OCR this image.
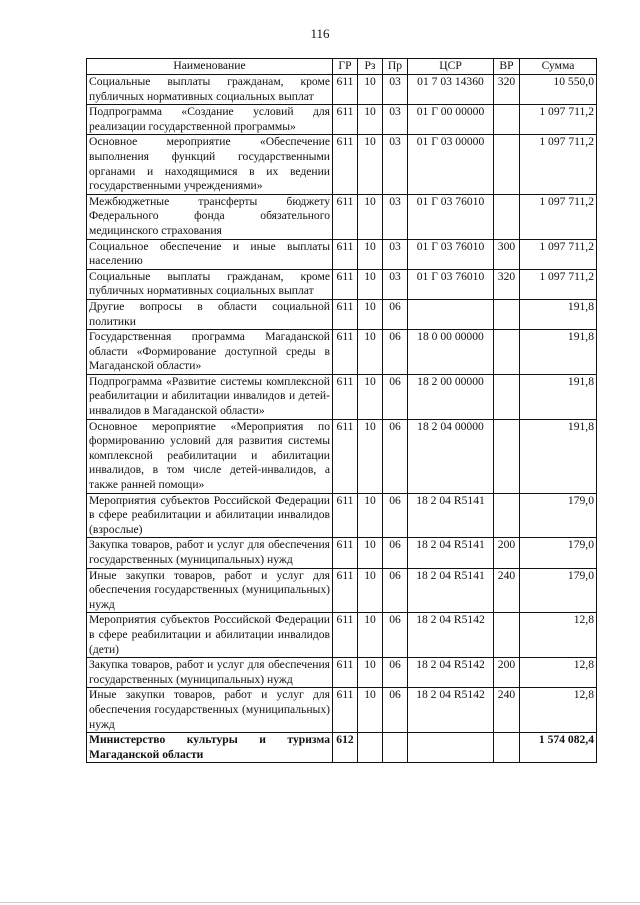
116
Наименование	ГР	Рз	Пр	ЦСР	ВР	Сумма
Социальные выплаты гражданам, кроме публичных нормативных социальных выплат	611	10	03	01 7 03 14360	320	10 550,0
Подпрограмма «Создание условий для реализации государственной программы»	611	10	03	01 Г 00 00000		1 097 711,2
Основное мероприятие «Обеспечение выполнения функций государственными органами и находящимися в их ведении государственными учреждениями»	611	10	03	01 Г 03 00000		1 097 711,2
Межбюджетные трансферты бюджету Федерального фонда обязательного медицинского страхования	611	10	03	01 Г 03 76010		1 097 711,2
Социальное обеспечение и иные выплаты населению	611	10	03	01 Г 03 76010	300	1 097 711,2
Социальные выплаты гражданам, кроме публичных нормативных социальных выплат	611	10	03	01 Г 03 76010	320	1 097 711,2
Другие вопросы в области социальной политики	611	10	06			191,8
Государственная программа Магаданской области «Формирование доступной среды в Магаданской области»	611	10	06	18 0 00 00000		191,8
Подпрограмма «Развитие системы комплексной реабилитации и абилитации инвалидов и детей-инвалидов в Магаданской области»	611	10	06	18 2 00 00000		191,8
Основное мероприятие «Мероприятия по формированию условий для развития системы комплексной реабилитации и абилитации инвалидов, в том числе детей-инвалидов, а также ранней помощи»	611	10	06	18 2 04 00000		191,8
Мероприятия субъектов Российской Федерации в сфере реабилитации и абилитации инвалидов (взрослые)	611	10	06	18 2 04 R5141		179,0
Закупка товаров, работ и услуг для обеспечения государственных (муниципальных) нужд	611	10	06	18 2 04 R5141	200	179,0
Иные закупки товаров, работ и услуг для обеспечения государственных (муниципальных) нужд	611	10	06	18 2 04 R5141	240	179,0
Мероприятия субъектов Российской Федерации в сфере реабилитации и абилитации инвалидов (дети)	611	10	06	18 2 04 R5142		12,8
Закупка товаров, работ и услуг для обеспечения государственных (муниципальных) нужд	611	10	06	18 2 04 R5142	200	12,8
Иные закупки товаров, работ и услуг для обеспечения государственных (муниципальных) нужд	611	10	06	18 2 04 R5142	240	12,8
Министерство культуры и туризма Магаданской области	612					1 574 082,4
